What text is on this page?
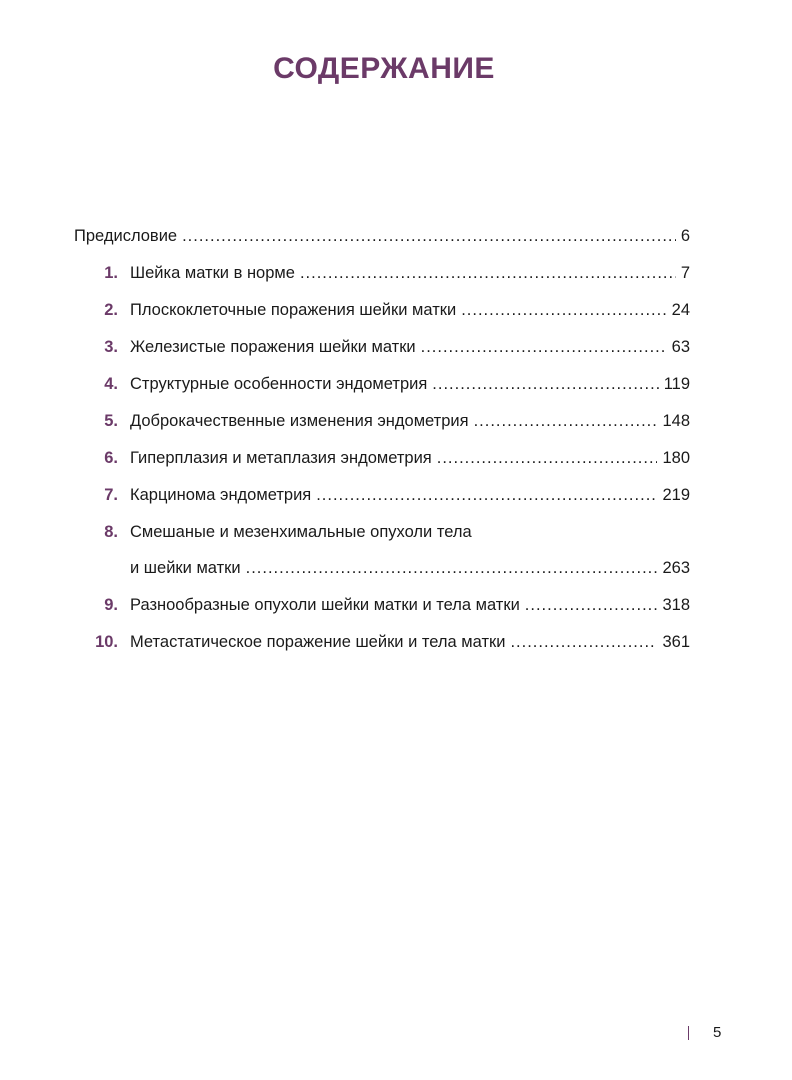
СОДЕРЖАНИЕ
Предисловие .....	6
1. Шейка матки в норме .....	7
2. Плоскоклеточные поражения шейки матки .....	24
3. Железистые поражения шейки матки .....	63
4. Структурные особенности эндометрия .....	119
5. Доброкачественные изменения эндометрия .....	148
6. Гиперплазия и метаплазия эндометрия .....	180
7. Карцинома эндометрия .....	219
8. Смешаные и мезенхимальные опухоли тела
и шейки матки .....	263
9. Разнообразные опухоли шейки матки и тела матки .....	318
10. Метастатическое поражение шейки и тела матки .....	361
5
